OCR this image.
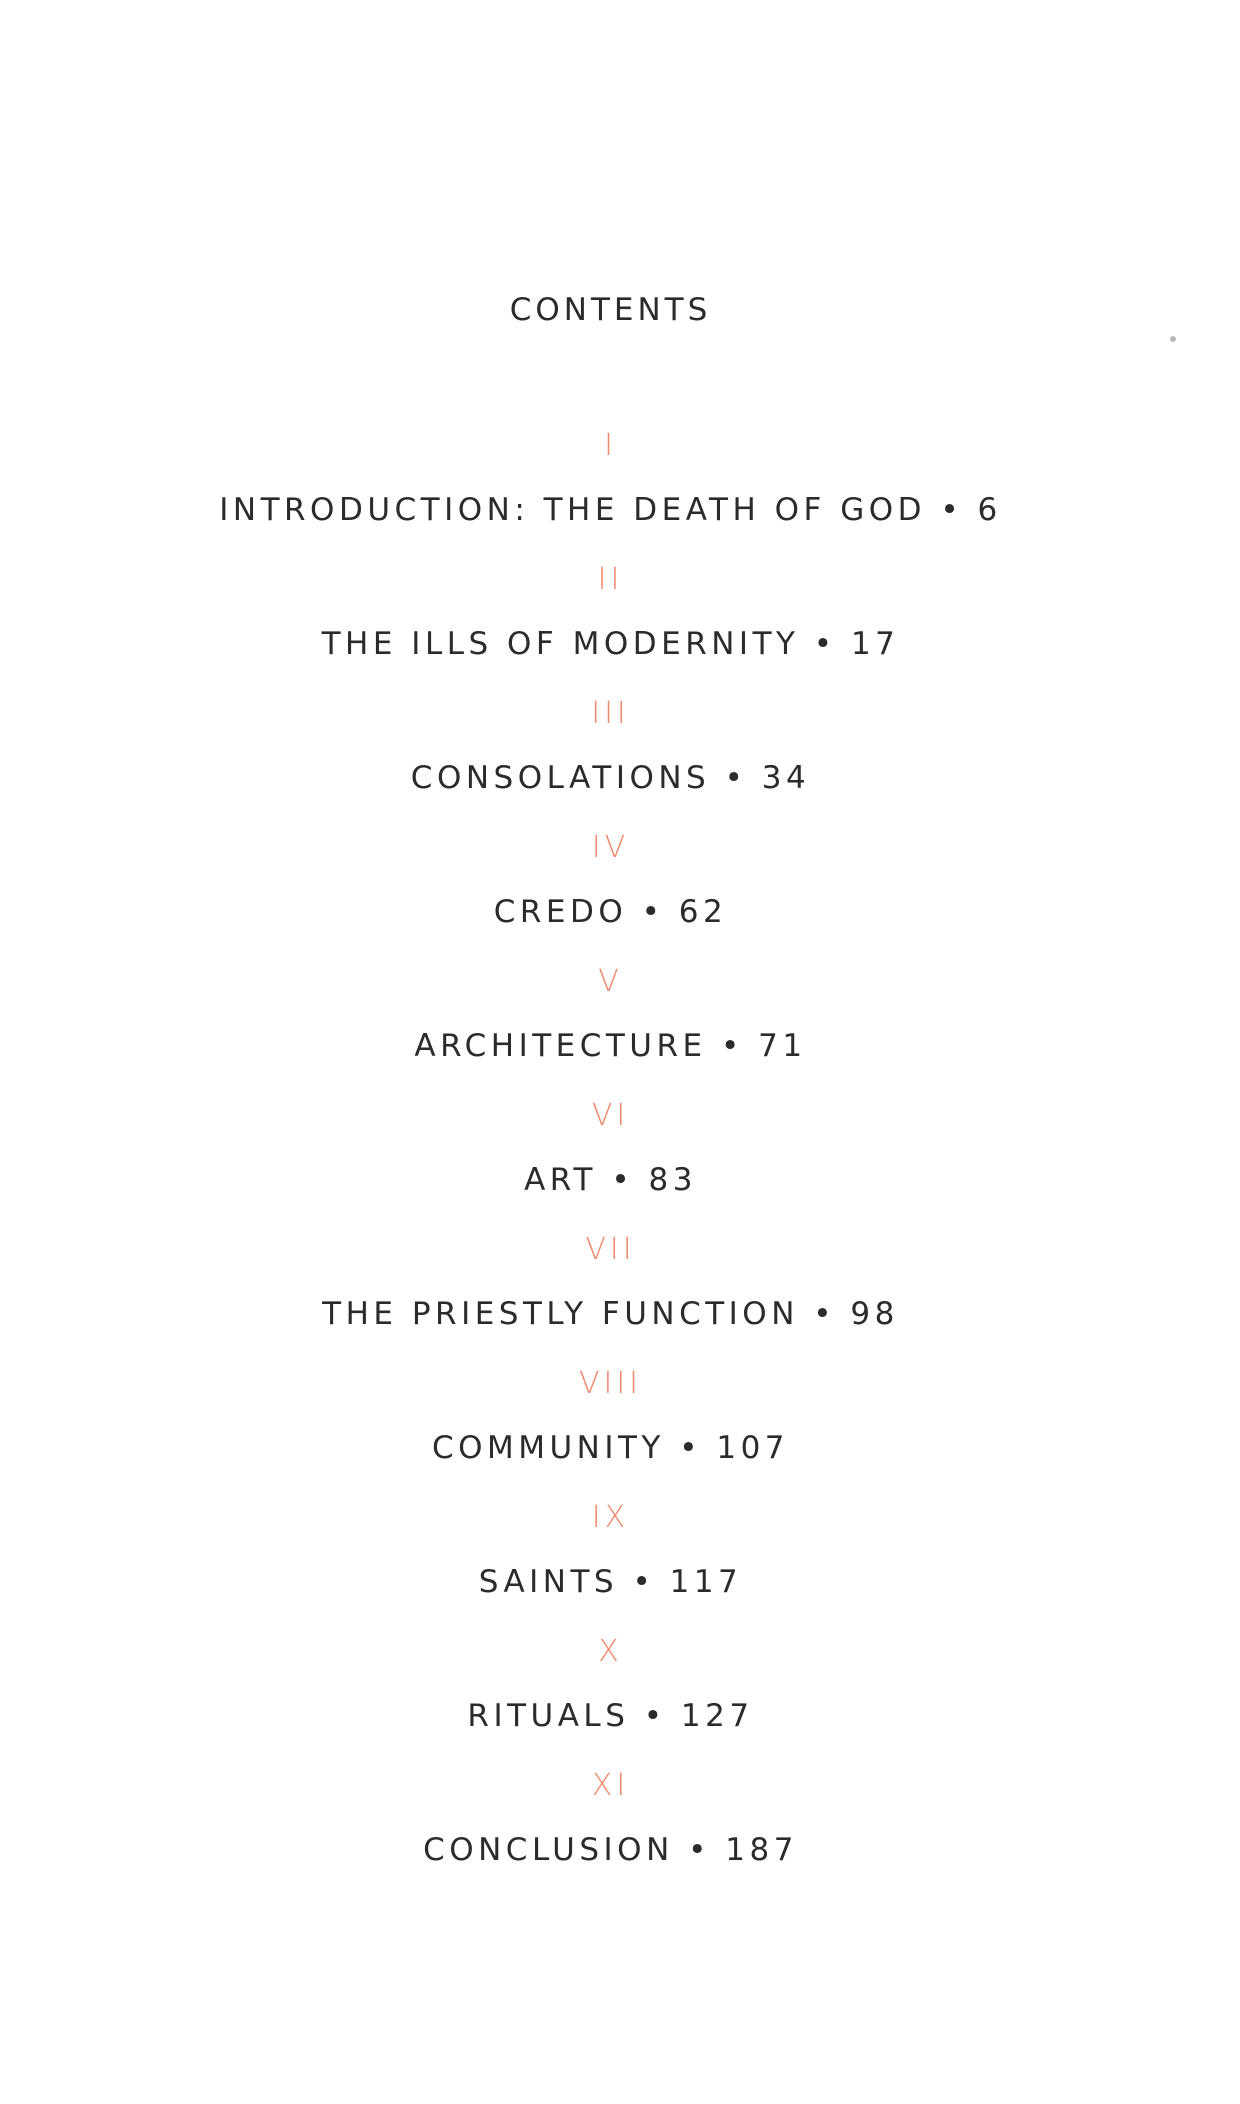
CONTENTS
I
INTRODUCTION: THE DEATH OF GOD • 6
II
THE ILLS OF MODERNITY • 17
III
CONSOLATIONS • 34
IV
CREDO • 62
V
ARCHITECTURE • 71
VI
ART • 83
VII
THE PRIESTLY FUNCTION • 98
VIII
COMMUNITY • 107
IX
SAINTS • 117
X
RITUALS • 127
XI
CONCLUSION • 187
